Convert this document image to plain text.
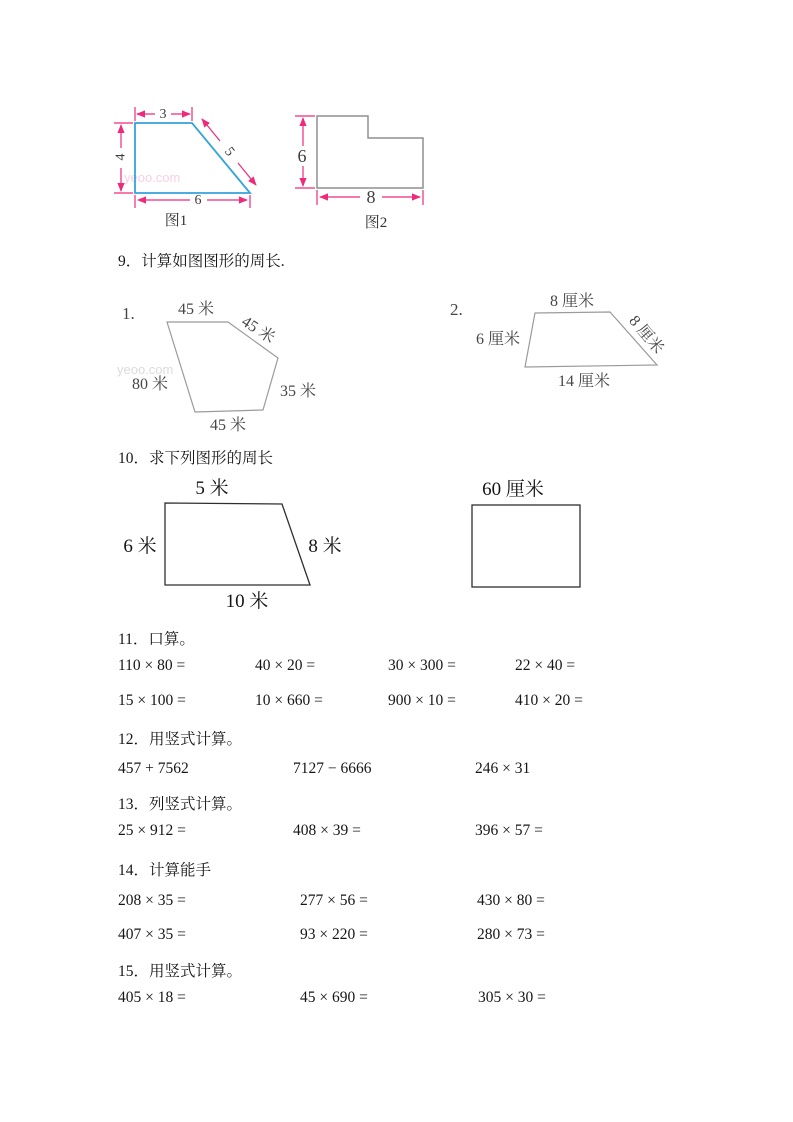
yeoo.com
yeoo.com
3
4	5
6
图1
6
8
图2
9．计算如图图形的周长.
1.	45 米
45 米
80 米	35 米
45 米
2.	8 厘米
8 厘米
6 厘米
14 厘米
10．求下列图形的周长
5 米
6 米	8 米
10 米
60 厘米
11．口算。
110 × 80 =	40 × 20 =	30 × 300 =	22 × 40 =
15 × 100 =	10 × 660 =	900 × 10 =	410 × 20 =
12．用竖式计算。
457 + 7562	7127 − 6666	246 × 31
13．列竖式计算。
25 × 912 =	408 × 39 =	396 × 57 =
14．计算能手
208 × 35 =	277 × 56 =	430 × 80 =
407 × 35 =	93 × 220 =	280 × 73 =
15．用竖式计算。
405 × 18 =	45 × 690 =	305 × 30 =
